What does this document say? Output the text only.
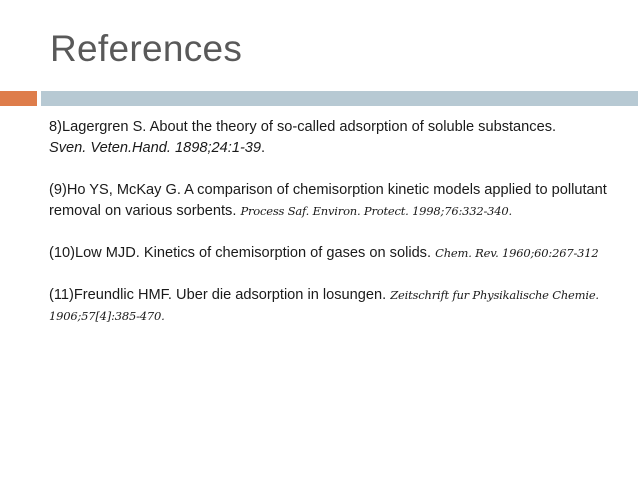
References
8)Lagergren S. About the theory of so-called adsorption of soluble substances.
Sven. Veten.Hand. 1898;24:1-39.
(9)Ho YS, McKay G. A comparison of chemisorption kinetic models applied to pollutant removal on various sorbents. Process Saf. Environ. Protect. 1998;76:332-340.
(10)Low MJD. Kinetics of chemisorption of gases on solids. Chem. Rev. 1960;60:267-312
(11)Freundlic HMF. Uber die adsorption in losungen. Zeitschrift fur Physikalische Chemie. 1906;57[4]:385-470.
